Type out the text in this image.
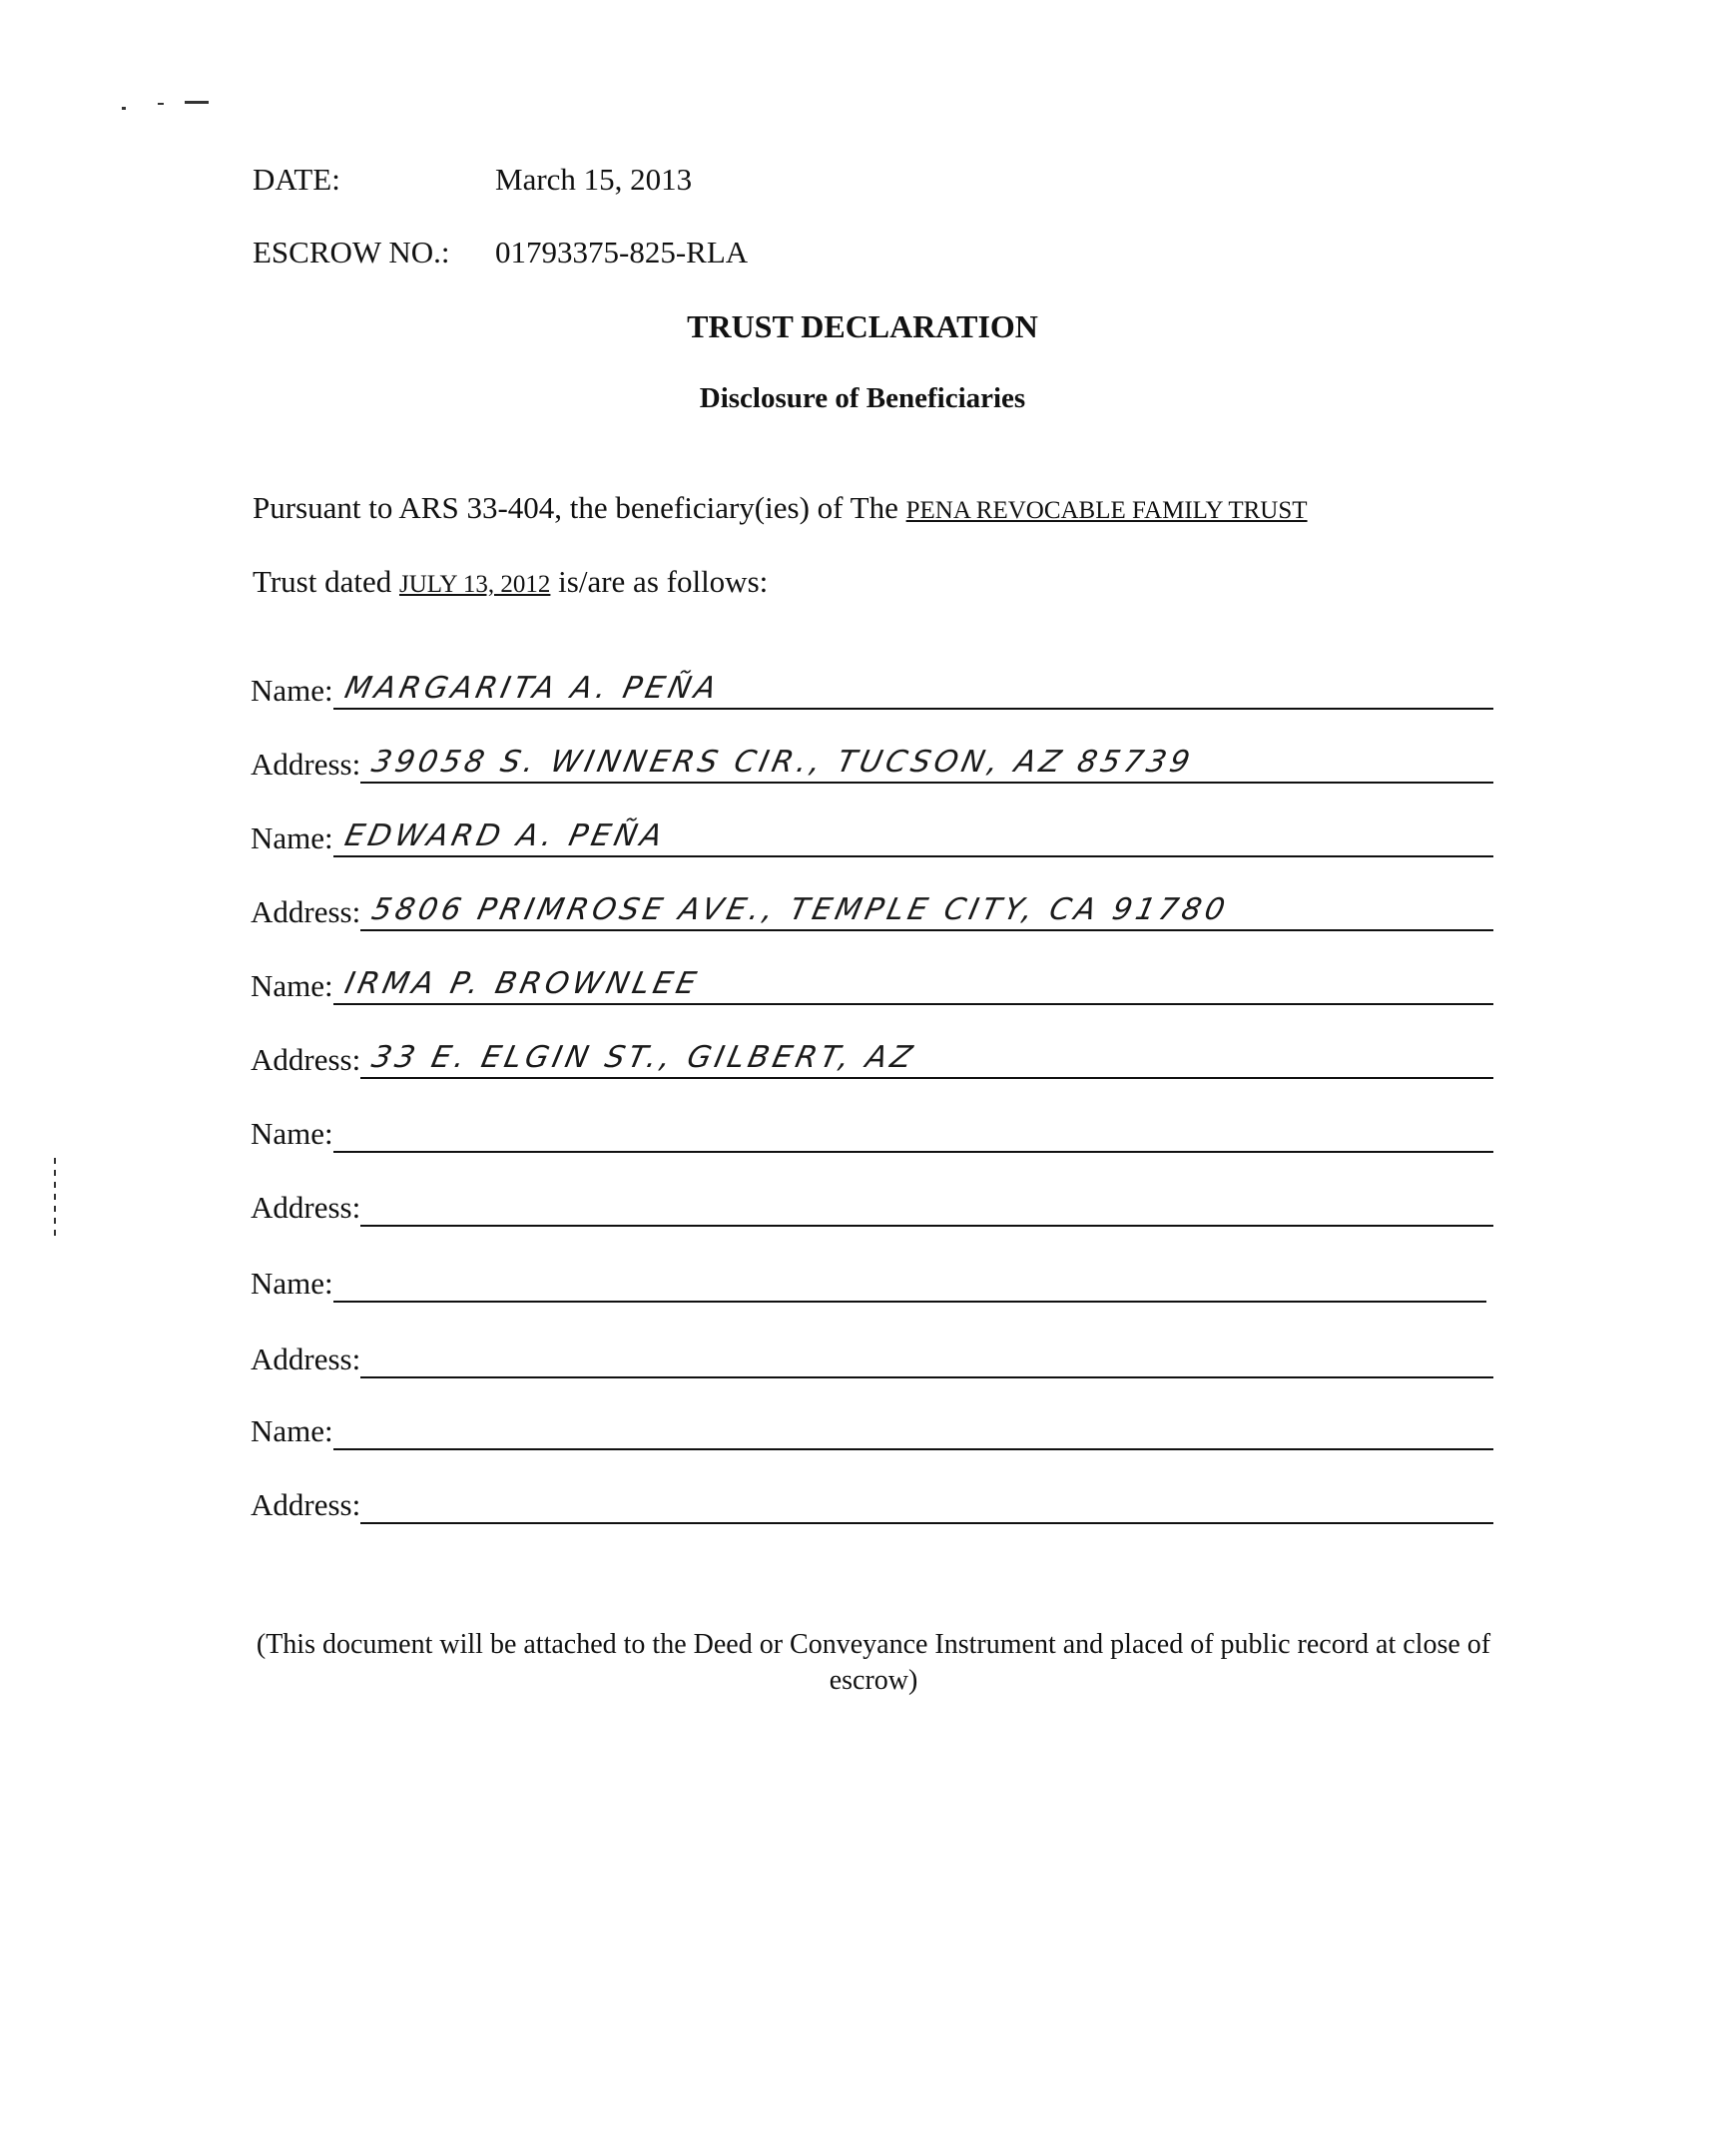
DATE:	March 15, 2013
ESCROW NO.: 01793375-825-RLA
TRUST DECLARATION
Disclosure of Beneficiaries
Pursuant to ARS 33-404, the beneficiary(ies) of The PENA REVOCABLE FAMILY TRUST
Trust dated JULY 13, 2012 is/are as follows:
Name: MARGARITA A. PEÑA
Address: 39058 S. WINNERS CIR., TUCSON, AZ 85739
Name: EDWARD A. PEÑA
Address: 5806 PRIMROSE AVE., TEMPLE CITY, CA 91780
Name: IRMA P. BROWNLEE
Address: 33 E. ELGIN ST., GILBERT, AZ
Name:
Address:
Name:
Address:
Name:
Address:
(This document will be attached to the Deed or Conveyance Instrument and placed of public record at close of escrow)
